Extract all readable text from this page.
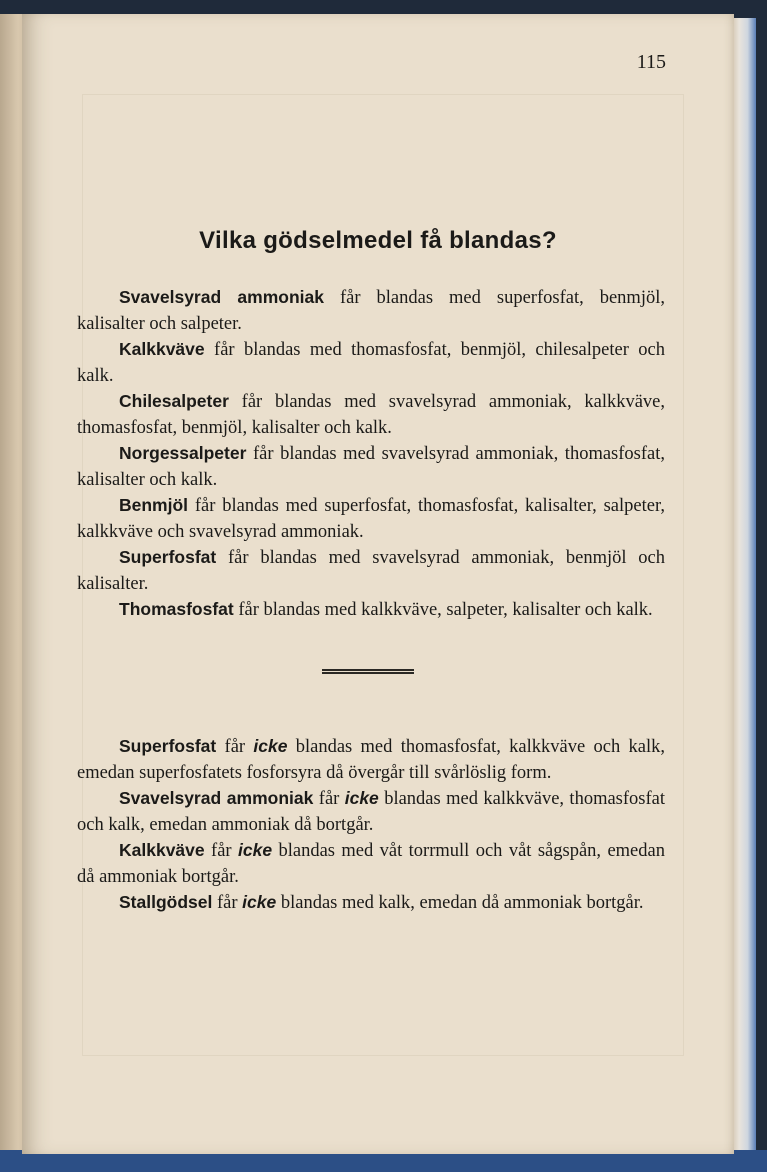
115
Vilka gödselmedel få blandas?

Svavelsyrad ammoniak får blandas med superfosfat, benmjöl, kalisalter och salpeter.

Kalkkväve får blandas med thomasfosfat, benmjöl, chilesalpeter och kalk.

Chilesalpeter får blandas med svavelsyrad ammoniak, kalkkväve, thomasfosfat, benmjöl, kalisalter och kalk.

Norgessalpeter får blandas med svavelsyrad ammoniak, thomasfosfat, kalisalter och kalk.

Benmjöl får blandas med superfosfat, thomasfosfat, kalisalter, salpeter, kalkkväve och svavelsyrad ammoniak.

Superfosfat får blandas med svavelsyrad ammoniak, benmjöl och kalisalter.

Thomasfosfat får blandas med kalkkväve, salpeter, kalisalter och kalk.

Superfosfat får icke blandas med thomasfosfat, kalkkväve och kalk, emedan superfosfatets fosforsyra då övergår till svårlöslig form.

Svavelsyrad ammoniak får icke blandas med kalkkväve, thomasfosfat och kalk, emedan ammoniak då bortgår.

Kalkkväve får icke blandas med våt torrmull och våt sågspån, emedan då ammoniak bortgår.

Stallgödsel får icke blandas med kalk, emedan då ammoniak bortgår.
